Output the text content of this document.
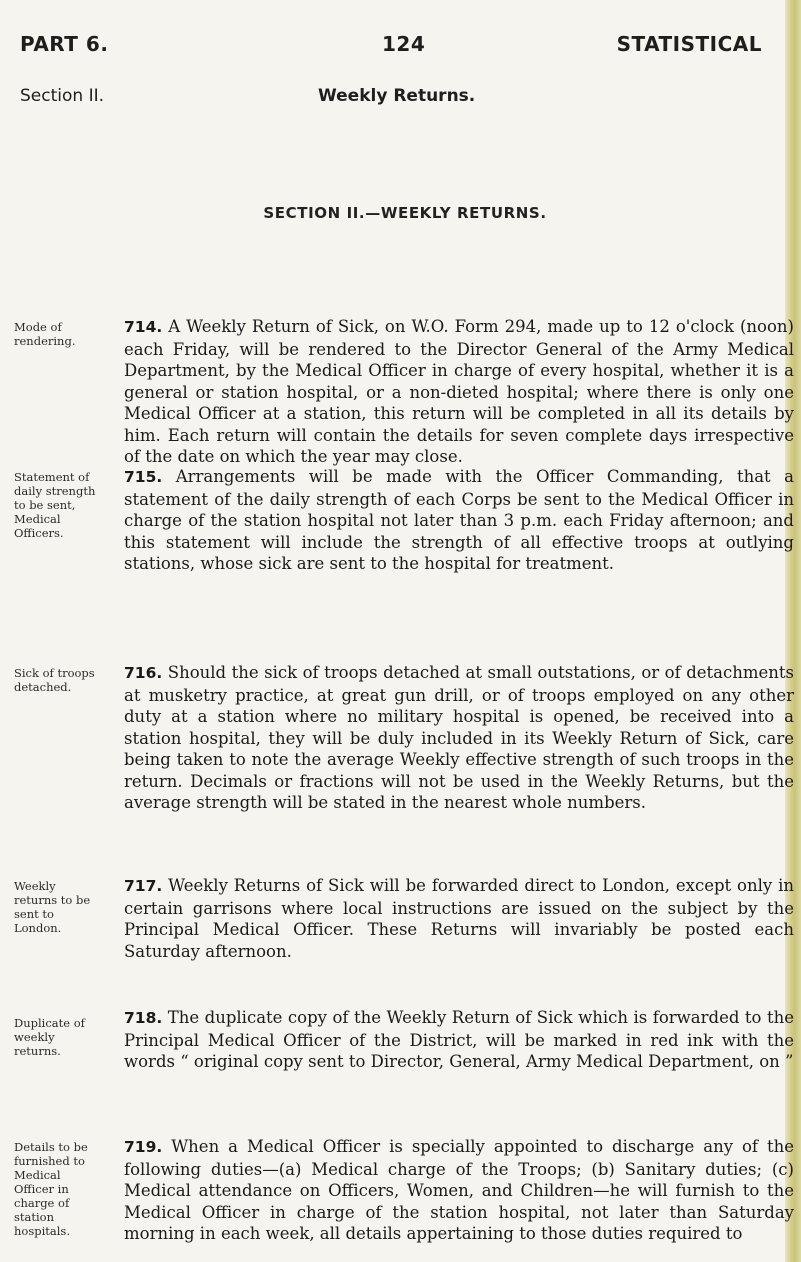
PART 6.	124	STATISTICAL
Section II.	Weekly Returns.
SECTION II.—WEEKLY RETURNS.
Mode of rendering.
Statement of daily strength to be sent, Medical Officers.
Sick of troops detached.
Weekly returns to be sent to London.
Duplicate of weekly returns.
Details to be furnished to Medical Officer in charge of station hospitals.
714. A Weekly Return of Sick, on W.O. Form 294, made up to 12 o'clock (noon) each Friday, will be rendered to the Director General of the Army Medical Department, by the Medical Officer in charge of every hospital, whether it is a general or station hospital, or a non-dieted hospital; where there is only one Medical Officer at a station, this return will be completed in all its details by him. Each return will contain the details for seven complete days irrespective of the date on which the year may close.
715. Arrangements will be made with the Officer Commanding, that a statement of the daily strength of each Corps be sent to the Medical Officer in charge of the station hospital not later than 3 p.m. each Friday afternoon; and this statement will include the strength of all effective troops at outlying stations, whose sick are sent to the hospital for treatment.
716. Should the sick of troops detached at small outstations, or of detachments at musketry practice, at great gun drill, or of troops employed on any other duty at a station where no military hospital is opened, be received into a station hospital, they will be duly included in its Weekly Return of Sick, care being taken to note the average Weekly effective strength of such troops in the return. Decimals or fractions will not be used in the Weekly Returns, but the average strength will be stated in the nearest whole numbers.
717. Weekly Returns of Sick will be forwarded direct to London, except only in certain garrisons where local instructions are issued on the subject by the Principal Medical Officer. These Returns will invariably be posted each Saturday afternoon.
718. The duplicate copy of the Weekly Return of Sick which is forwarded to the Principal Medical Officer of the District, will be marked in red ink with the words “ original copy sent to Director, General, Army Medical Department, on ”
719. When a Medical Officer is specially appointed to discharge any of the following duties—(a) Medical charge of the Troops; (b) Sanitary duties; (c) Medical attendance on Officers, Women, and Children—he will furnish to the Medical Officer in charge of the station hospital, not later than Saturday morning in each week, all details appertaining to those duties required to
